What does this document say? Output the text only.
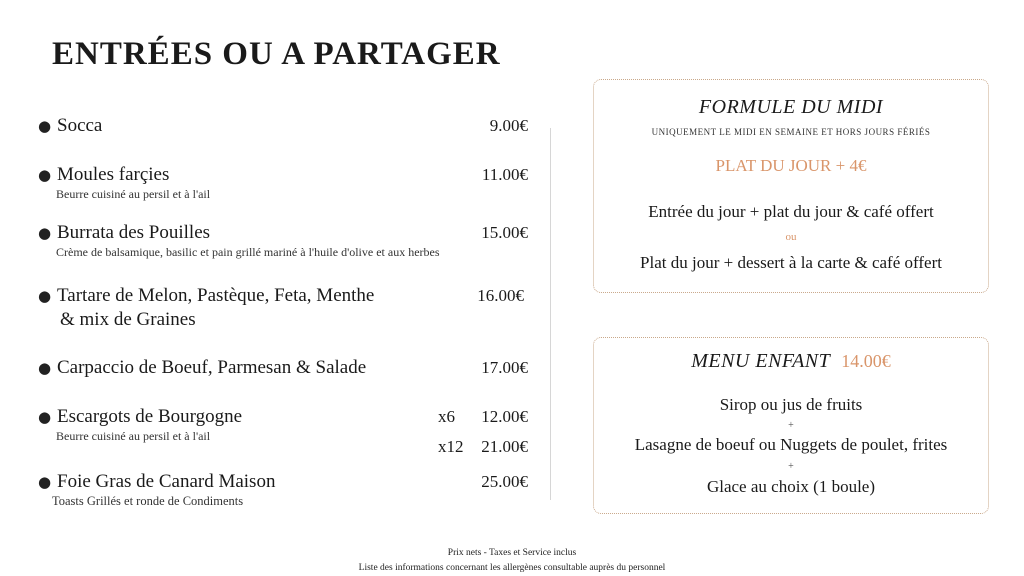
ENTRÉES OU A PARTAGER
● Socca	9.00€
● Moules farçies	11.00€
Beurre cuisiné au persil et à l'ail
● Burrata des Pouilles	15.00€
Crème de balsamique, basilic et pain grillé mariné à l'huile d'olive et aux herbes
● Tartare de Melon, Pastèque, Feta, Menthe	16.00€
& mix de Graines
● Carpaccio de Boeuf, Parmesan & Salade	17.00€
● Escargots de Bourgogne	x6 12.00€
Beurre cuisiné au persil et à l'ail
x12 21.00€
● Foie Gras de Canard Maison	25.00€
Toasts Grillés et ronde de Condiments
FORMULE DU MIDI
UNIQUEMENT LE MIDI EN SEMAINE ET HORS JOURS FÉRIÉS
PLAT DU JOUR + 4€
Entrée du jour + plat du jour & café offert
ou
Plat du jour + dessert à la carte & café offert
MENU ENFANT 14.00€
Sirop ou jus de fruits
+
Lasagne de boeuf ou Nuggets de poulet, frites
+
Glace au choix (1 boule)
Prix nets - Taxes et Service inclus
Liste des informations concernant les allergènes consultable auprès du personnel
